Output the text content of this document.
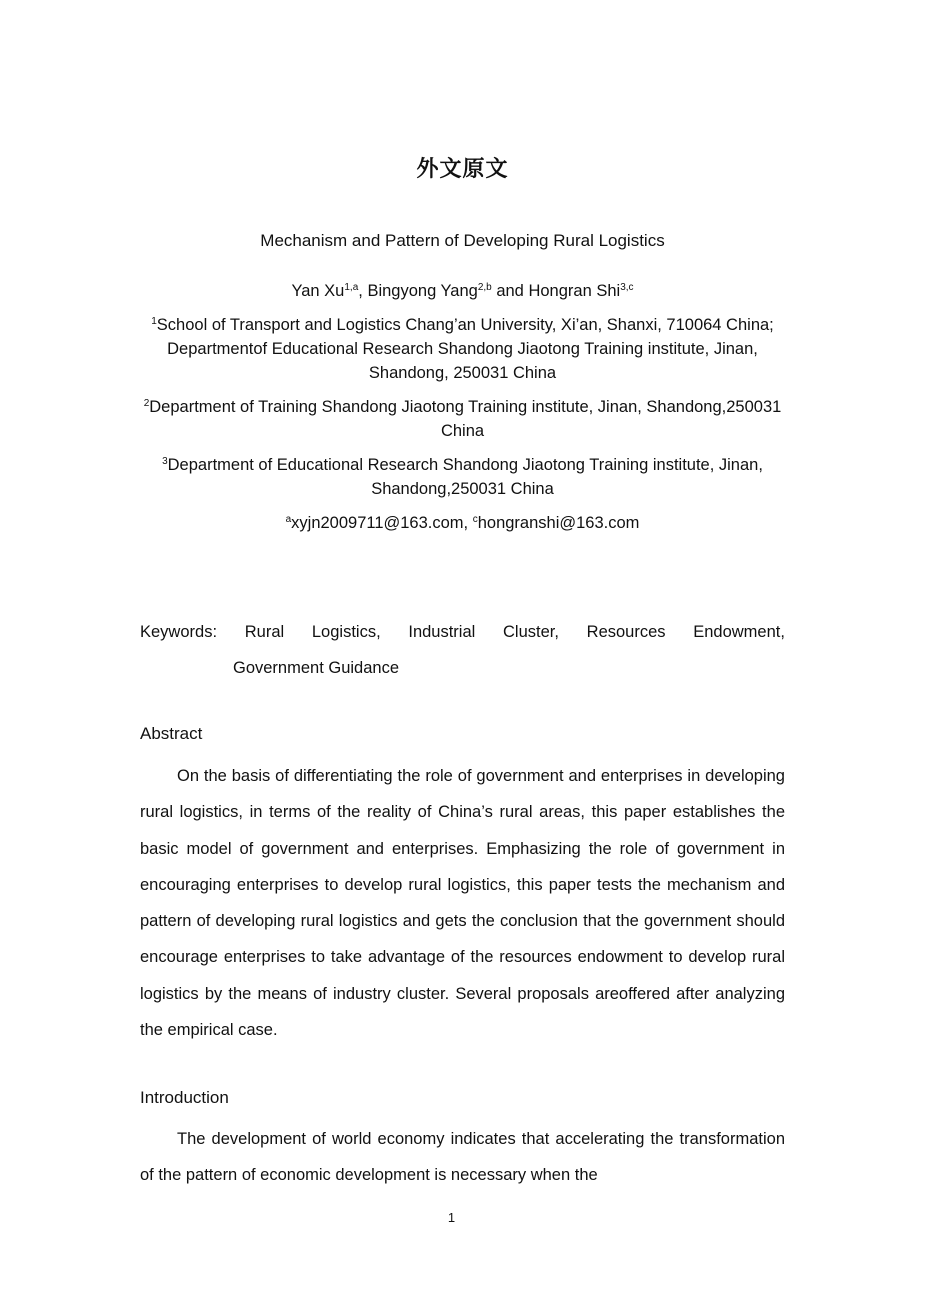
外文原文
Mechanism and Pattern of Developing Rural Logistics
Yan Xu$^{1,a}$, Bingyong Yang$^{2,b}$ and Hongran Shi$^{3,c}$
$^1$School of Transport and Logistics Chang’an University, Xi’an, Shanxi, 710064 China; Departmentof Educational Research Shandong Jiaotong Training institute, Jinan, Shandong, 250031 China
$^2$Department of Training Shandong Jiaotong Training institute, Jinan, Shandong,250031 China
$^3$Department of Educational Research Shandong Jiaotong Training institute, Jinan, Shandong,250031 China
$^a$xyjn2009711@163.com, $^c$hongranshi@163.com
Keywords: Rural Logistics, Industrial Cluster, Resources Endowment,
Government Guidance
Abstract
On the basis of differentiating the role of government and enterprises in developing rural logistics, in terms of the reality of China’s rural areas, this paper establishes the basic model of government and enterprises. Emphasizing the role of government in encouraging enterprises to develop rural logistics, this paper tests the mechanism and pattern of developing rural logistics and gets the conclusion that the government should encourage enterprises to take advantage of the resources endowment to develop rural logistics by the means of industry cluster. Several proposals areoffered after analyzing the empirical case.
Introduction
The development of world economy indicates that accelerating the transformation of the pattern of economic development is necessary when the
1
